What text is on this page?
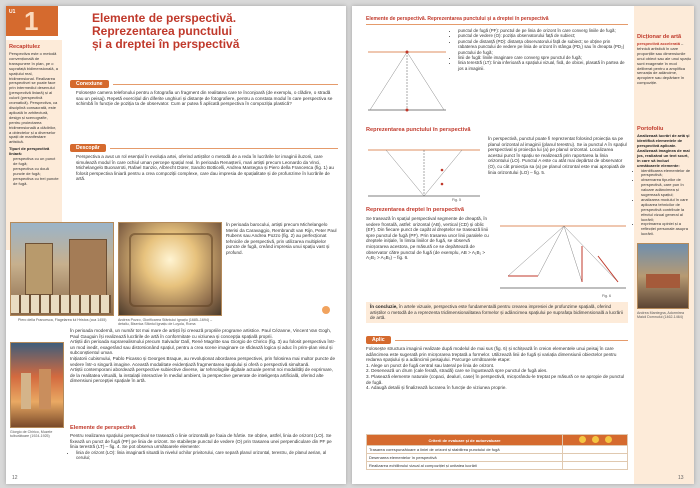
U1 1	Elemente de perspectivă.
Reprezentarea punctului
și a dreptei în perspectivă
Recapitulez

Perspectiva este o metodă convențională de transpunere în plan, pe o suprafață bidimensională, a spațiului real, tridimensional. Realizarea perspectivei se poate face prin intermediul desenului (perspectivă liniară) și al culorii (perspectivă cromatică). Perspectiva, ca disciplină consacrată, este aplicată în arhitectură, design și scenografie, pentru proiectarea tridimensională a clădirilor, a obiectelor și a diverselor spații de manifestare artistică.

Tipuri de perspectivă liniară:

• perspectiva cu un punct de fugă;
• perspectiva cu două puncte de fugă;
• perspectiva cu trei puncte de fugă.
Conexiune

Folosește camera telefonului pentru a fotografia un fragment din realitatea care te înconjoară (de exemplu, o clădire, o stradă sau un peisaj). Repetă exercițiul din diferite unghiuri și distanțe de fotografiere, pentru a constata modul în care perspectiva se schimbă în funcție de poziția ta de observator. Cum ar putea fi aplicată perspectiva în compoziția plastică?

Descopăr

Perspectiva a avut un rol esențial în evoluția artei, oferind artiștilor o metodă de a reda în lucrările lor imaginii iluzorii, care simulează modul în care ochiul uman percepe spațiul real. În perioada Renașterii, mari artiști precum Leonardo da Vinci, Michelangelo Buonarroti, Rafael Sanzio, Albrecht Dürer, Sandro Botticelli, Andrea Mantegna și Piero della Francesca (fig. 1) au folosit perspectiva liniară pentru a crea compoziții complexe, care dau impresia de spațialitate și de profunzime în lucrările de artă.

Piero della Francesca, Flagelarea lui Hristos (cca 1455)	Andrea Pozzo, Glorificarea Sfântului Ignațiu (1685–1694) – detaliu, Biserica Sfântul Ignațiu de Loyola, Roma

În perioada barocului, artiști precum Michelangelo Merisi da Caravaggio, Rembrandt van Rijn, Peter Paul Rubens sau Andrea Pozzo (fig. 2) au perfecționat tehnicile de perspectivă, prin utilizarea multiplelor puncte de fugă, creând impresia unui spațiu vast și profund.

Giorgio de Chirico, Muzele tulburătoare (1924-1925)

În perioada modernă, un număr tot mai mare de artiști își creează propriile programe artistice. Paul Cézanne, Vincent Van Gogh, Paul Gauguin își realizează lucrările de artă în conformitate cu viziunea și concepția spațială proprii.

Artiștii din perioada suprarealismului precum Salvador Dalí, René Magritte sau Giorgio de Chirico (fig. 3) au folosit perspectiva într-un mod inedit, exagerând sau distorsionând spațiul, pentru a crea scene imaginare ce sfidează logica și aduc în prim-plan visul și subconștientul uman.

Inițiatorii cubismului, Pablo Picasso și Georges Braque, au revoluționat abordarea perspectivei, prin folosirea mai multor puncte de vedere într-o singură imagine. Această modalitate evidențiază fragmentarea spațiului și oferă o perspectivă simultană.

Artiștii contemporani abordează perspective subiective diverse, iar tehnologiile digitale actuale permit noi modalități de exprimare, de la realitatea virtuală, la instalații interactive în mediul ambient, la perspective generate de inteligența artificială, oferind alte dimensiuni percepției spațiale în artă.

Elemente de perspectivă

Pentru realizarea spațiului perspectival se trasează o linie orizontală pe foaia de hârtie. Se obține, astfel, linia de orizont (LO). Se fixează un punct de fugă (PF) pe linia de orizont. Se stabilește punctul de vedere (O) prin trasarea unei perpendiculare din PF pe linia terestră (LT) – fig. 4. Se pot observa următoarele elemente:

• linia de orizont (LO): linia imaginară situată la nivelul ochilor privitorului, care separă planul orizontal, terestru, de planul aerian, al cerului;
12
Elemente de perspectivă. Reprezentarea punctului și a dreptei în perspectivă
• punctul de fugă (PF): punctul de pe linia de orizont în care converg liniile de fugă;
• punctul de vedere (O): poziția observatorului față de subiect;
• punctul de distanță (PD): distanța observatorului față de subiect; se obține prin rabaterea punctului de vedere pe linia de orizont în stânga (PD₁) sau în dreapta (PD₂) punctului de fugă;
• linii de fugă: liniile imaginare care converg spre punctul de fugă;
• linia terestră (LT): linia inferioară a spațiului vizual, fixă, de obicei, plasată în partea de jos a imaginii.
Reprezentarea punctului în perspectivă
Fig. 5

În perspectivă, punctul poate fi reprezentat folosind proiecția sa pe planul orizontal al imaginii (planul terestru). Se ia punctul A în spațiul perspectival și proiecția lui (a) pe planul orizontal. Localizarea acestui punct în spațiu se realizează prin raportarea la linia orizontului (LO). Punctul A este cu atât mai depărtat de observator (O), cu cât proiecția sa (a) pe planul orizontal este mai apropiată de linia orizontului (LO) – fig. 5.

Reprezentarea dreptei în perspectivă

Se trasează în spațiul perspectival segmente de dreaptă, în vedere frontală, astfel: orizontal (AB), vertical (CD) și oblic (EF). Din fiecare punct de capăt al dreptelor se trasează linii spre punctul de fugă (PF). Prin trasarea unor linii paralele cu dreptele inițiale, în limita liniilor de fugă, se observă micșorarea acestora, pe măsură ce se depărtează de observator către punctul de fugă (de exemplu, AB > A₁B₁ > A₂B₂ > A₃B₃) – fig. 6.

Fig. 6

În concluzie, în artele vizuale, perspectiva este fundamentală pentru crearea impresiei de profunzime spațială, oferind artiștilor o metodă de a reprezenta tridimensionalitatea formelor și adâncimea spațiului pe suprafața bidimensională a lucrării de artă.

Aplic

Folosește structura imaginii realizate după modelul de mai sus (fig. 6) și schițează în creion elementele unui peisaj în care adâncimea este sugerată prin micșorarea treptată a formelor. Utilizează linii de fugă și variația dimensiunii obiectelor pentru redarea spațiului și a adâncimii peisajului. Parcurge următoarele etape:

1. Alege un punct de fugă central sau lateral pe linia de orizont.

2. Desenează un drum (cale ferată, stradă) care se îngustează spre punctul de fugă ales.

3. Plasează elemente naturale (copaci, dealuri, case) în perspectivă, micșorându-le treptat pe măsură ce se apropie de punctul de fugă.

4. Adaugă detalii și finalizează lucrarea în funcție de viziunea proprie.

Criterii de evaluare și de autoevaluare	
Trasarea corespunzătoare a liniei de orizont și stabilirea punctului de fugă	
Desenarea elementelor în perspectivă	
Realizarea echilibrului vizual al compoziției și unitatea lucrării	
Dicționar de artă

perspectivă accelerată – tehnică artistică în care proporțiile sau dimensiunile unui obiect sau ale unui spațiu sunt exagerate în mod deliberat pentru a amplifica senzația de adâncime, apropiere sau depărtare în compoziție.

Portofoliu

Analizează lucrări de artă și identifică elementele de perspectivă aplicate. Analizează imaginea de mai jos, realizând un text scurt, în care să incluzi următoarele elemente:

• identificarea elementelor de perspectivă;
• observarea tipurilor de perspectivă, care pun în valoare adâncimea și sugerează spațiul;
• analizarea modului în care aplicarea tehnicilor de perspectivă contribuie la efectul vizual general al lucrării;
• exprimarea opiniei și a reflecției personale asupra lucrării.

Andrea Mantegna, Adormirea Maicii Domnului (1462-1464)

13
